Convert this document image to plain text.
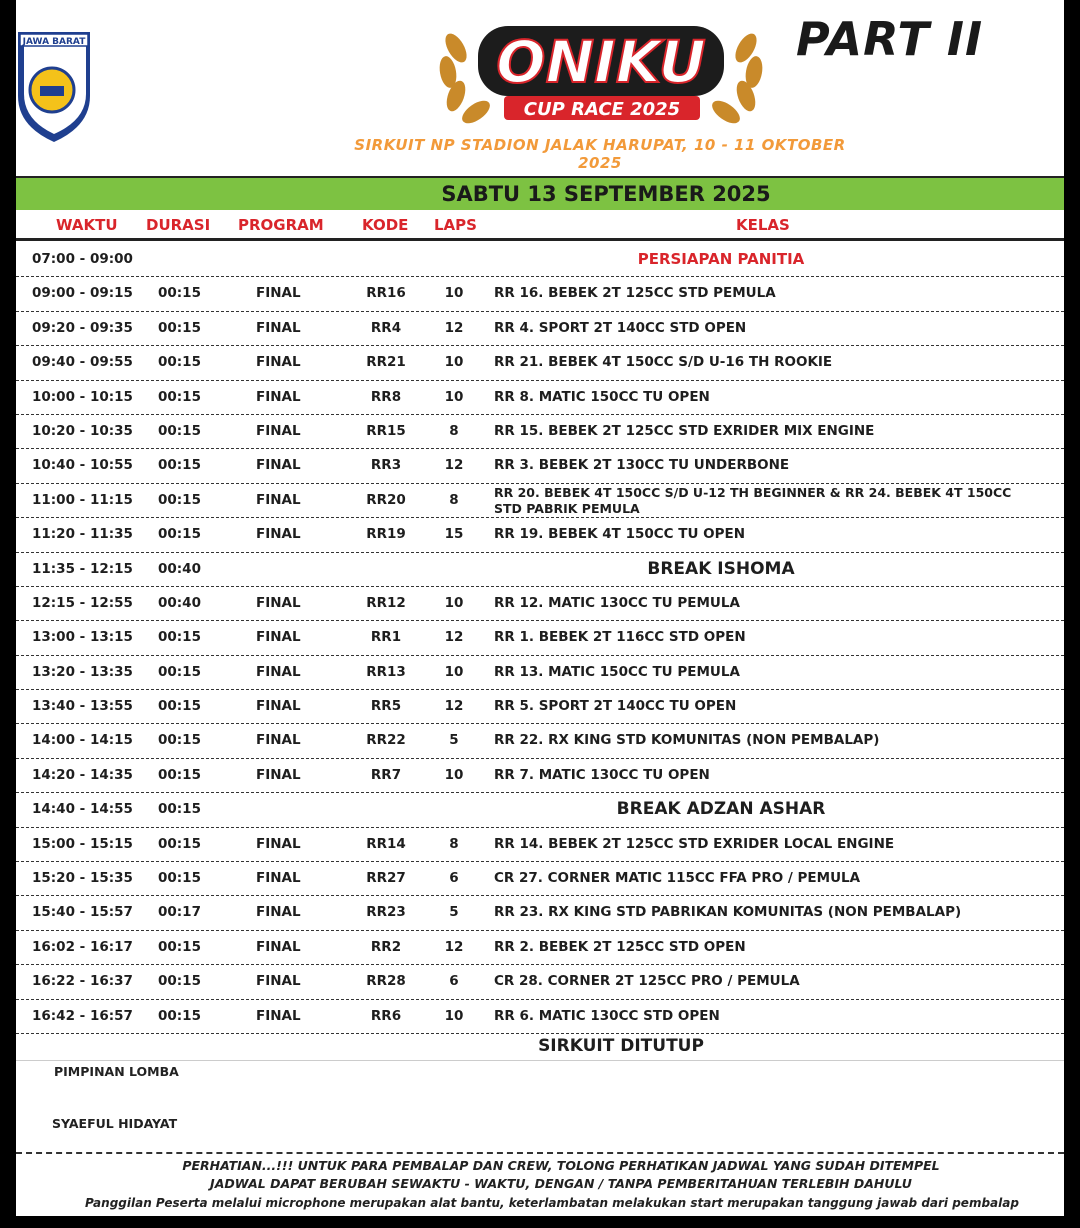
JAWA BARAT	ONIKU
CUP RACE 2025
PART II
SIRKUIT NP STADION JALAK HARUPAT, 10 - 11 OKTOBER 2025
SABTU 13 SEPTEMBER 2025
WAKTU DURASI PROGRAM	KODE LAPS	KELAS
07:00 - 09:00	PERSIAPAN PANITIA
09:00 - 09:15 00:15	FINAL	RR16	10	RR 16. BEBEK 2T 125CC STD PEMULA
09:20 - 09:35 00:15	FINAL	RR4	12	RR 4. SPORT 2T 140CC STD OPEN
09:40 - 09:55 00:15	FINAL	RR21	10	RR 21. BEBEK 4T 150CC S/D U-16 TH ROOKIE
10:00 - 10:15 00:15	FINAL	RR8	10	RR 8. MATIC 150CC TU OPEN
10:20 - 10:35 00:15	FINAL	RR15	8	RR 15. BEBEK 2T 125CC STD EXRIDER MIX ENGINE
10:40 - 10:55 00:15	FINAL	RR3	12	RR 3. BEBEK 2T 130CC TU UNDERBONE
11:00 - 11:15 00:15	FINAL	RR20	8	RR 20. BEBEK 4T 150CC S/D U-12 TH BEGINNER & RR 24. BEBEK 4T 150CC STD PABRIK PEMULA
11:20 - 11:35 00:15	FINAL	RR19	15	RR 19. BEBEK 4T 150CC TU OPEN
11:35 - 12:15 00:40	BREAK ISHOMA
12:15 - 12:55 00:40	FINAL	RR12	10	RR 12. MATIC 130CC TU PEMULA
13:00 - 13:15 00:15	FINAL	RR1	12	RR 1. BEBEK 2T 116CC STD OPEN
13:20 - 13:35 00:15	FINAL	RR13	10	RR 13. MATIC 150CC TU PEMULA
13:40 - 13:55 00:15	FINAL	RR5	12	RR 5. SPORT 2T 140CC TU OPEN
14:00 - 14:15 00:15	FINAL	RR22	5	RR 22. RX KING STD KOMUNITAS (NON PEMBALAP)
14:20 - 14:35 00:15	FINAL	RR7	10	RR 7. MATIC 130CC TU OPEN
14:40 - 14:55 00:15	BREAK ADZAN ASHAR
15:00 - 15:15 00:15	FINAL	RR14	8	RR 14. BEBEK 2T 125CC STD EXRIDER LOCAL ENGINE
15:20 - 15:35 00:15	FINAL	RR27	6	CR 27. CORNER MATIC 115CC FFA PRO / PEMULA
15:40 - 15:57 00:17	FINAL	RR23	5	RR 23. RX KING STD PABRIKAN KOMUNITAS (NON PEMBALAP)
16:02 - 16:17 00:15	FINAL	RR2	12	RR 2. BEBEK 2T 125CC STD OPEN
16:22 - 16:37 00:15	FINAL	RR28	6	CR 28. CORNER 2T 125CC PRO / PEMULA
16:42 - 16:57 00:15	FINAL	RR6	10	RR 6. MATIC 130CC STD OPEN
SIRKUIT DITUTUP
PIMPINAN LOMBA
SYAEFUL HIDAYAT
PERHATIAN...!!! UNTUK PARA PEMBALAP DAN CREW, TOLONG PERHATIKAN JADWAL YANG SUDAH DITEMPEL
JADWAL DAPAT BERUBAH SEWAKTU - WAKTU, DENGAN / TANPA PEMBERITAHUAN TERLEBIH DAHULU
Panggilan Peserta melalui microphone merupakan alat bantu, keterlambatan melakukan start merupakan tanggung jawab dari pembalap
